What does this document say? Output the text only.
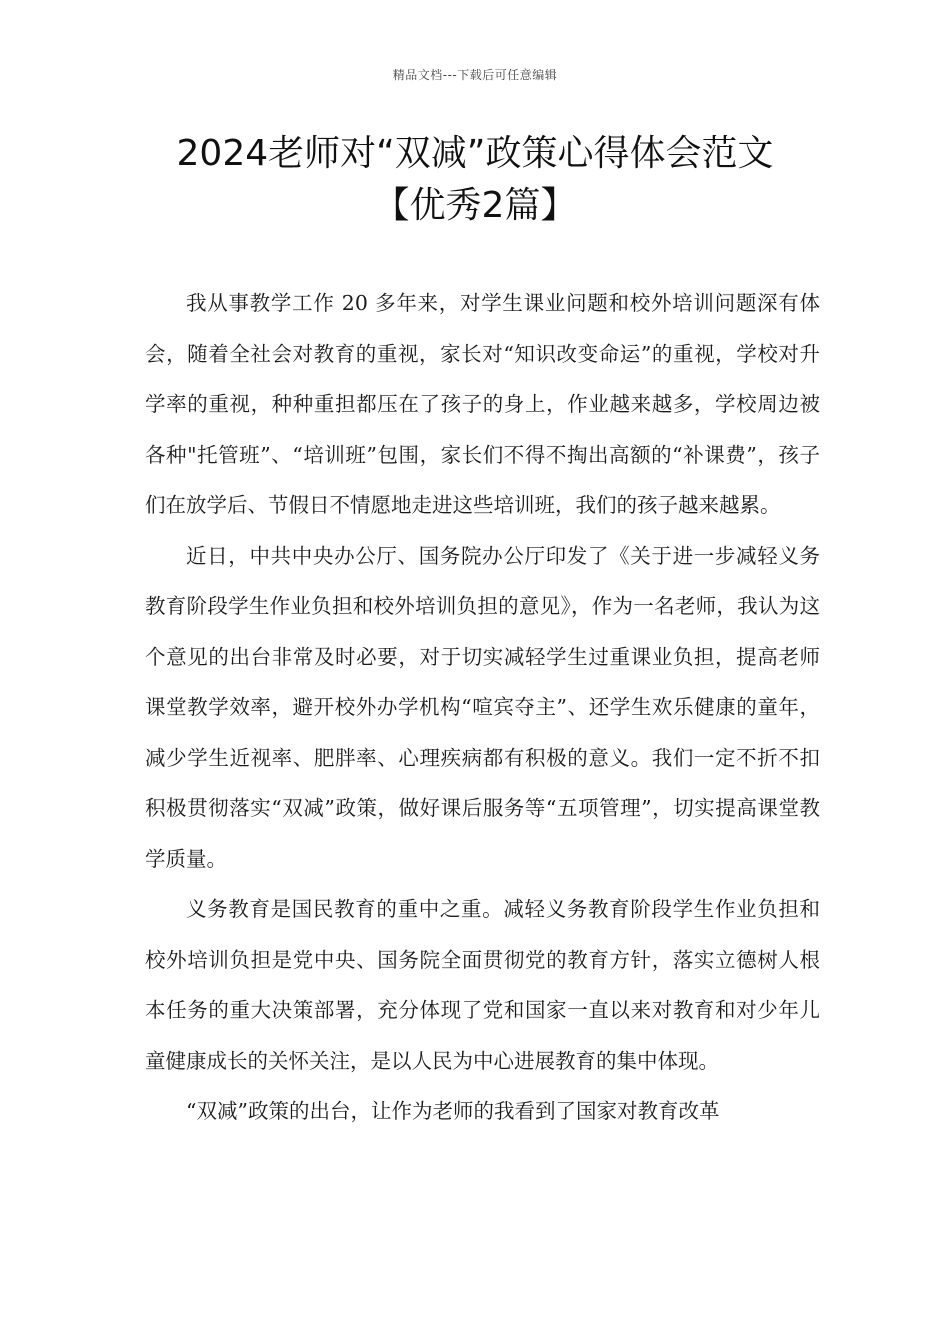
精品文档---下载后可任意编辑
2024老师对“双减”政策心得体会范文
【优秀2篇】

我从事教学工作 20 多年来，对学生课业问题和校外培训问题深有体会，随着全社会对教育的重视，家长对“知识改变命运”的重视，学校对升学率的重视，种种重担都压在了孩子的身上，作业越来越多，学校周边被各种"托管班”、“培训班”包围，家长们不得不掏出高额的“补课费”，孩子们在放学后、节假日不情愿地走进这些培训班，我们的孩子越来越累。

近日，中共中央办公厅、国务院办公厅印发了《关于进一步减轻义务教育阶段学生作业负担和校外培训负担的意见》，作为一名老师，我认为这个意见的出台非常及时必要，对于切实减轻学生过重课业负担，提高老师课堂教学效率，避开校外办学机构“喧宾夺主”、还学生欢乐健康的童年，减少学生近视率、肥胖率、心理疾病都有积极的意义。我们一定不折不扣积极贯彻落实“双减”政策，做好课后服务等“五项管理”，切实提高课堂教学质量。

义务教育是国民教育的重中之重。减轻义务教育阶段学生作业负担和校外培训负担是党中央、国务院全面贯彻党的教育方针，落实立德树人根本任务的重大决策部署，充分体现了党和国家一直以来对教育和对少年儿童健康成长的关怀关注，是以人民为中心进展教育的集中体现。

“双减”政策的出台，让作为老师的我看到了国家对教育改革
